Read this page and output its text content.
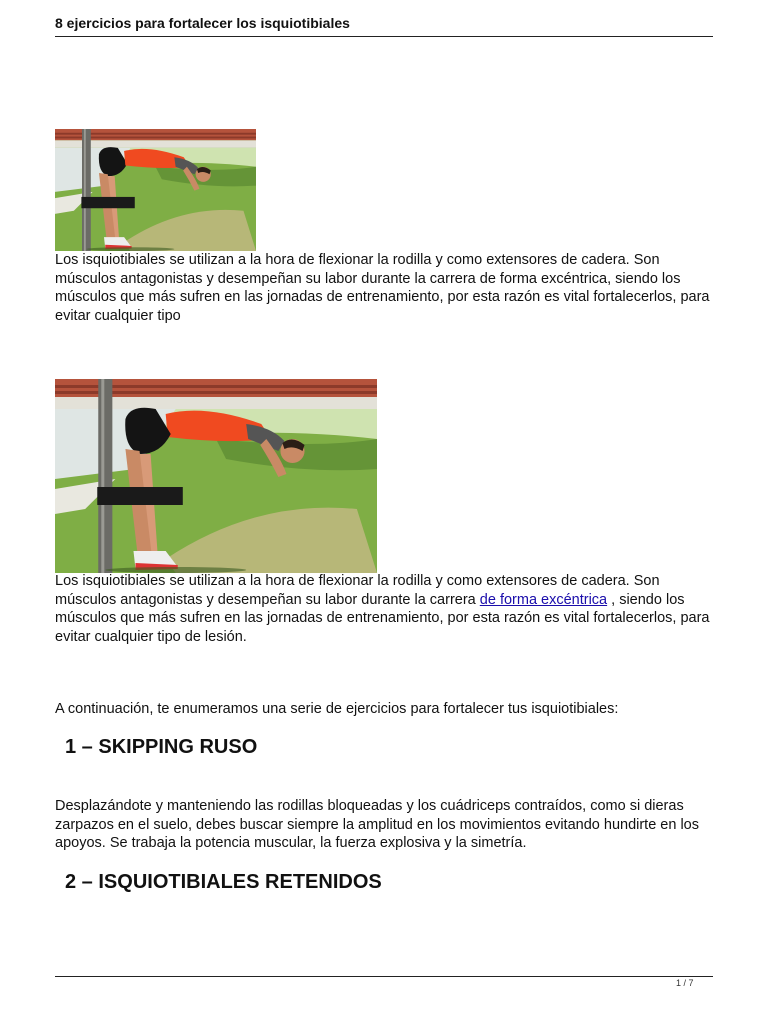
8 ejercicios para fortalecer los isquiotibiales

Los isquiotibiales se utilizan a la hora de flexionar la rodilla y como extensores de cadera. Son músculos antagonistas y desempeñan su labor durante la carrera de forma excéntrica, siendo los músculos que más sufren en las jornadas de entrenamiento, por esta razón es vital fortalecerlos, para evitar cualquier tipo

Los isquiotibiales se utilizan a la hora de flexionar la rodilla y como extensores de cadera. Son músculos antagonistas y desempeñan su labor durante la carrera de forma excéntrica , siendo los músculos que más sufren en las jornadas de entrenamiento, por esta razón es vital fortalecerlos, para evitar cualquier tipo de lesión.

A continuación, te enumeramos una serie de ejercicios para fortalecer tus isquiotibiales:

1 – SKIPPING RUSO

Desplazándote y manteniendo las rodillas bloqueadas y los cuádriceps contraídos, como si dieras zarpazos en el suelo, debes buscar siempre la amplitud en los movimientos evitando hundirte en los apoyos. Se trabaja la potencia muscular, la fuerza explosiva y la simetría.

2 – ISQUIOTIBIALES RETENIDOS
1 / 7
